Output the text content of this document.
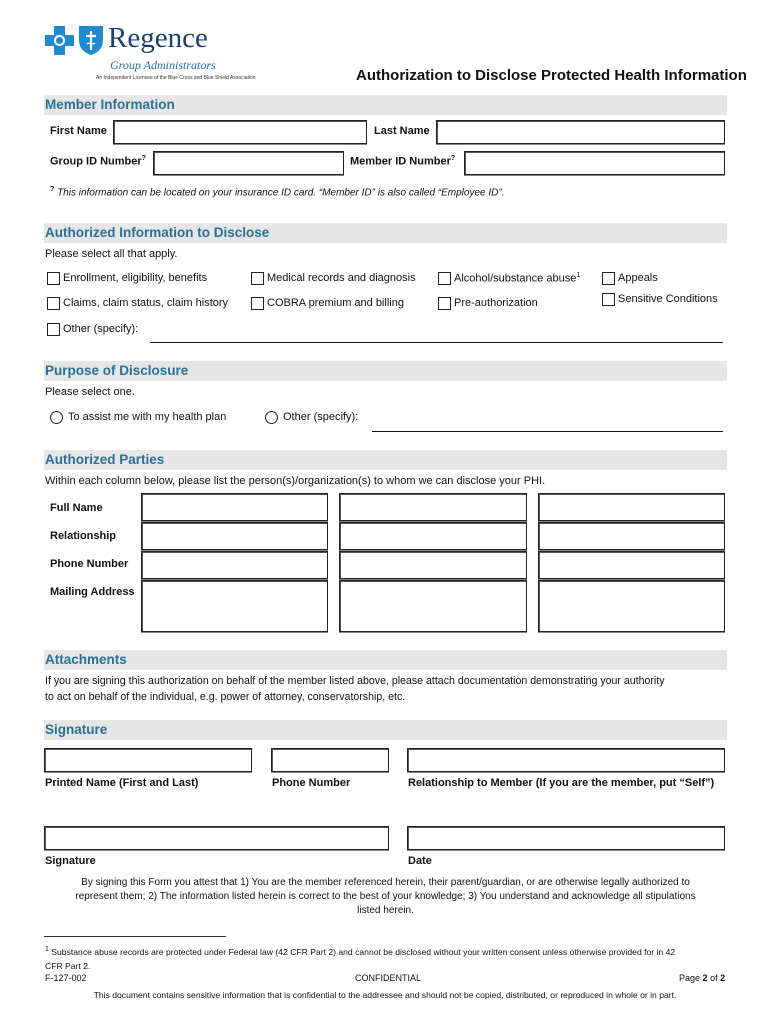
Regence
Group Administrators
An Independent Licensee of the Blue Cross and Blue Shield Association	Authorization to Disclose Protected Health Information
Member Information
First Name	Last Name
Group ID Number?	Member ID Number?
? This information can be located on your insurance ID card. “Member ID” is also called “Employee ID”.
Authorized Information to Disclose
Please select all that apply.
Enrollment, eligibility, benefits	Medical records and diagnosis	Alcohol/substance abuse$^1$	Appeals
Claims, claim status, claim history	COBRA premium and billing	Pre-authorization	Sensitive Conditions
Other (specify):
Purpose of Disclosure
Please select one.
To assist me with my health plan	Other (specify):
Authorized Parties
Within each column below, please list the person(s)/organization(s) to whom we can disclose your PHI.
Full Name
Relationship
Phone Number
Mailing Address
Attachments
If you are signing this authorization on behalf of the member listed above, please attach documentation demonstrating your authority
to act on behalf of the individual, e.g. power of attorney, conservatorship, etc.
Signature
Printed Name (First and Last)	Phone Number	Relationship to Member (If you are the member, put “Self”)
Signature	Date
By signing this Form you attest that 1) You are the member referenced herein, their parent/guardian, or are otherwise legally authorized to
represent them; 2) The information listed herein is correct to the best of your knowledge; 3) You understand and acknowledge all stipulations
listed herein.
$^1$ Substance abuse records are protected under Federal law (42 CFR Part 2) and cannot be disclosed without your written consent unless otherwise provided for in 42
CFR Part 2.
F-127-002	CONFIDENTIAL	Page 2 of 2
This document contains sensitive information that is confidential to the addressee and should not be copied, distributed, or reproduced in whole or in part.
